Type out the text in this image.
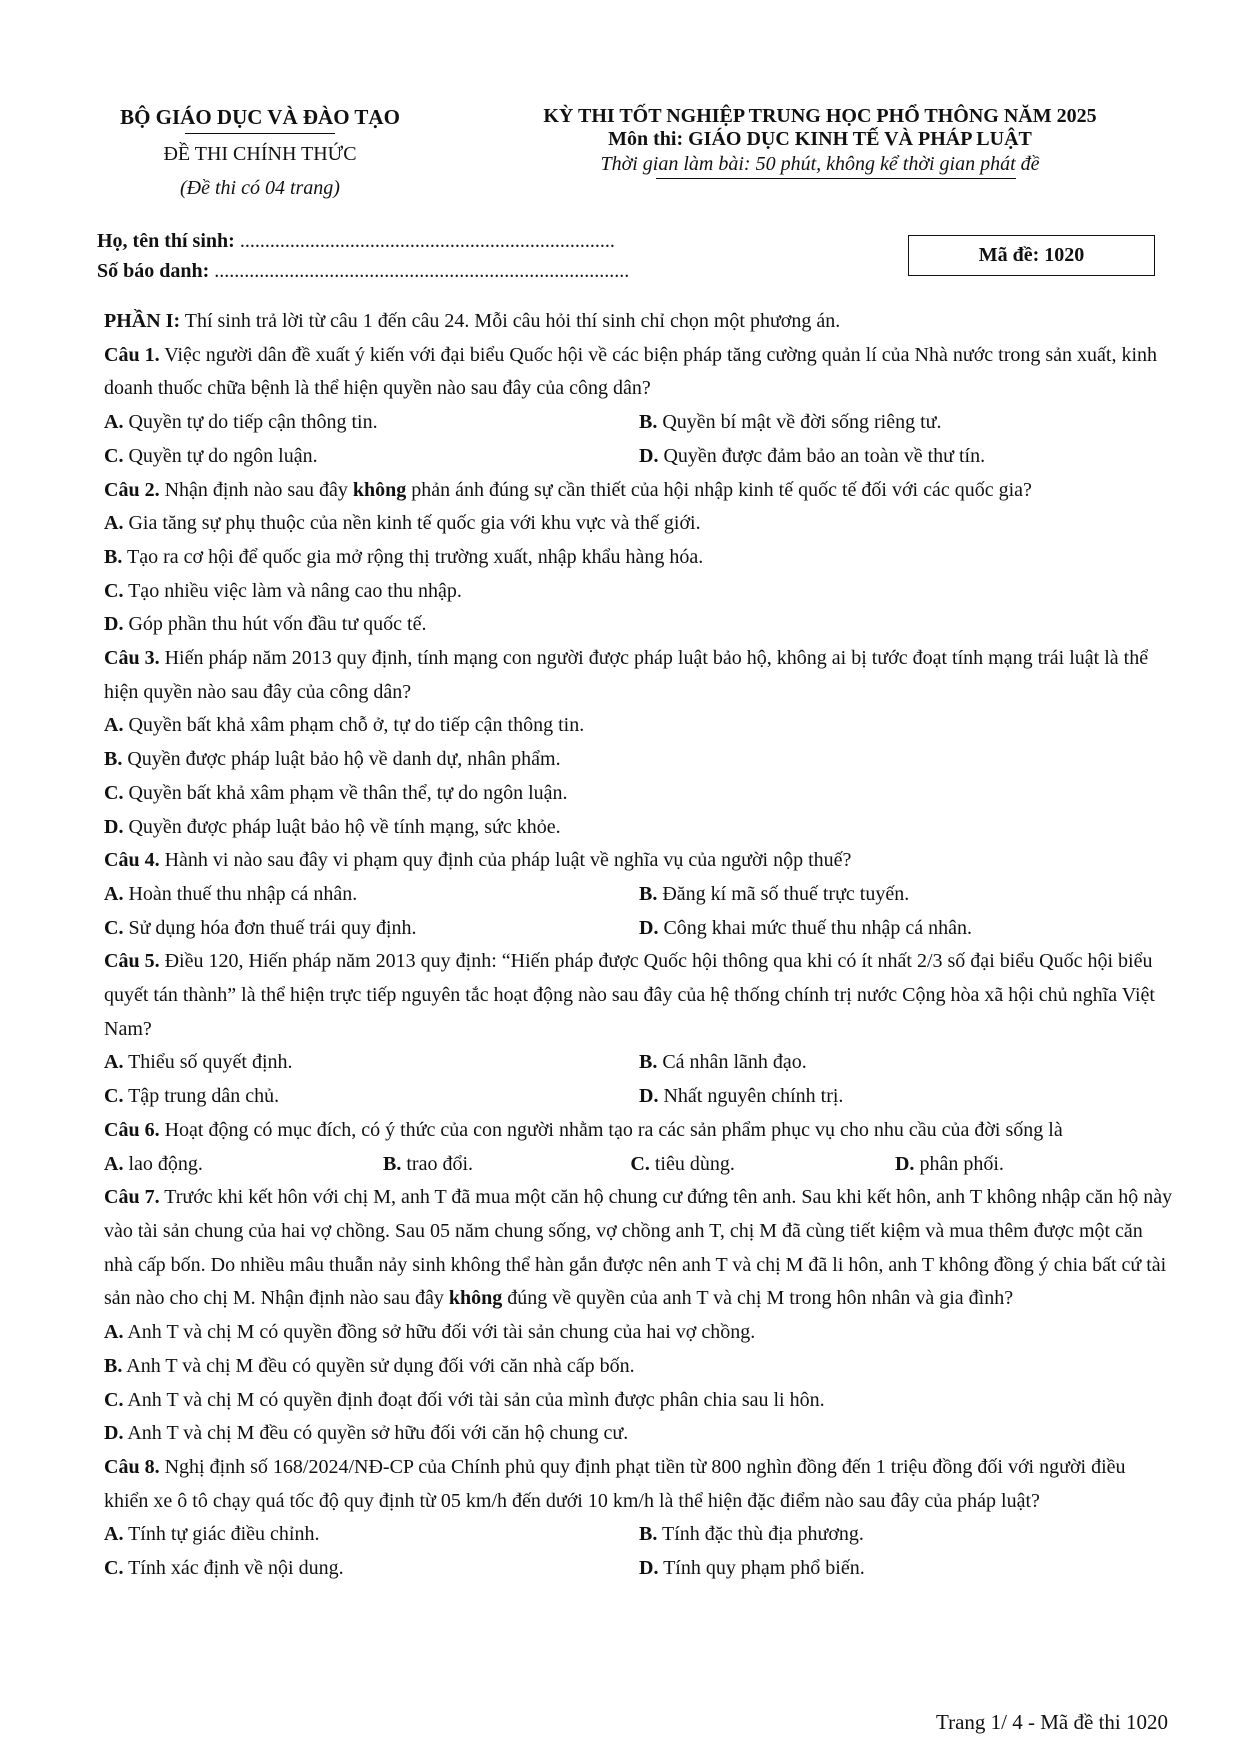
BỘ GIÁO DỤC VÀ ĐÀO TẠO
ĐỀ THI CHÍNH THỨC
(Đề thi có 04 trang)
KỲ THI TỐT NGHIỆP TRUNG HỌC PHỔ THÔNG NĂM 2025
Môn thi: GIÁO DỤC KINH TẾ VÀ PHÁP LUẬT
Thời gian làm bài: 50 phút, không kể thời gian phát đề
Họ, tên thí sinh: ...........................................................................
Số báo danh: ...................................................................................
Mã đề: 1020

PHẦN I: Thí sinh trả lời từ câu 1 đến câu 24. Mỗi câu hỏi thí sinh chỉ chọn một phương án.

Câu 1. Việc người dân đề xuất ý kiến với đại biểu Quốc hội về các biện pháp tăng cường quản lí của Nhà nước trong sản xuất, kinh doanh thuốc chữa bệnh là thể hiện quyền nào sau đây của công dân?

A. Quyền tự do tiếp cận thông tin.	B. Quyền bí mật về đời sống riêng tư.
C. Quyền tự do ngôn luận.	D. Quyền được đảm bảo an toàn về thư tín.

Câu 2. Nhận định nào sau đây không phản ánh đúng sự cần thiết của hội nhập kinh tế quốc tế đối với các quốc gia?

A. Gia tăng sự phụ thuộc của nền kinh tế quốc gia với khu vực và thế giới.

B. Tạo ra cơ hội để quốc gia mở rộng thị trường xuất, nhập khẩu hàng hóa.

C. Tạo nhiều việc làm và nâng cao thu nhập.

D. Góp phần thu hút vốn đầu tư quốc tế.

Câu 3. Hiến pháp năm 2013 quy định, tính mạng con người được pháp luật bảo hộ, không ai bị tước đoạt tính mạng trái luật là thể hiện quyền nào sau đây của công dân?

A. Quyền bất khả xâm phạm chỗ ở, tự do tiếp cận thông tin.

B. Quyền được pháp luật bảo hộ về danh dự, nhân phẩm.

C. Quyền bất khả xâm phạm về thân thể, tự do ngôn luận.

D. Quyền được pháp luật bảo hộ về tính mạng, sức khỏe.

Câu 4. Hành vi nào sau đây vi phạm quy định của pháp luật về nghĩa vụ của người nộp thuế?

A. Hoàn thuế thu nhập cá nhân.	B. Đăng kí mã số thuế trực tuyến.
C. Sử dụng hóa đơn thuế trái quy định.	D. Công khai mức thuế thu nhập cá nhân.

Câu 5. Điều 120, Hiến pháp năm 2013 quy định: “Hiến pháp được Quốc hội thông qua khi có ít nhất 2/3 số đại biểu Quốc hội biểu quyết tán thành” là thể hiện trực tiếp nguyên tắc hoạt động nào sau đây của hệ thống chính trị nước Cộng hòa xã hội chủ nghĩa Việt Nam?

A. Thiểu số quyết định.	B. Cá nhân lãnh đạo.
C. Tập trung dân chủ.	D. Nhất nguyên chính trị.

Câu 6. Hoạt động có mục đích, có ý thức của con người nhằm tạo ra các sản phẩm phục vụ cho nhu cầu của đời sống là

A. lao động.	B. trao đổi.	C. tiêu dùng.	D. phân phối.

Câu 7. Trước khi kết hôn với chị M, anh T đã mua một căn hộ chung cư đứng tên anh. Sau khi kết hôn, anh T không nhập căn hộ này vào tài sản chung của hai vợ chồng. Sau 05 năm chung sống, vợ chồng anh T, chị M đã cùng tiết kiệm và mua thêm được một căn nhà cấp bốn. Do nhiều mâu thuẫn nảy sinh không thể hàn gắn được nên anh T và chị M đã li hôn, anh T không đồng ý chia bất cứ tài sản nào cho chị M. Nhận định nào sau đây không đúng về quyền của anh T và chị M trong hôn nhân và gia đình?

A. Anh T và chị M có quyền đồng sở hữu đối với tài sản chung của hai vợ chồng.

B. Anh T và chị M đều có quyền sử dụng đối với căn nhà cấp bốn.

C. Anh T và chị M có quyền định đoạt đối với tài sản của mình được phân chia sau li hôn.

D. Anh T và chị M đều có quyền sở hữu đối với căn hộ chung cư.

Câu 8. Nghị định số 168/2024/NĐ-CP của Chính phủ quy định phạt tiền từ 800 nghìn đồng đến 1 triệu đồng đối với người điều khiển xe ô tô chạy quá tốc độ quy định từ 05 km/h đến dưới 10 km/h là thể hiện đặc điểm nào sau đây của pháp luật?

A. Tính tự giác điều chỉnh.	B. Tính đặc thù địa phương.
C. Tính xác định về nội dung.	D. Tính quy phạm phổ biến.
Trang 1/ 4 - Mã đề thi 1020
